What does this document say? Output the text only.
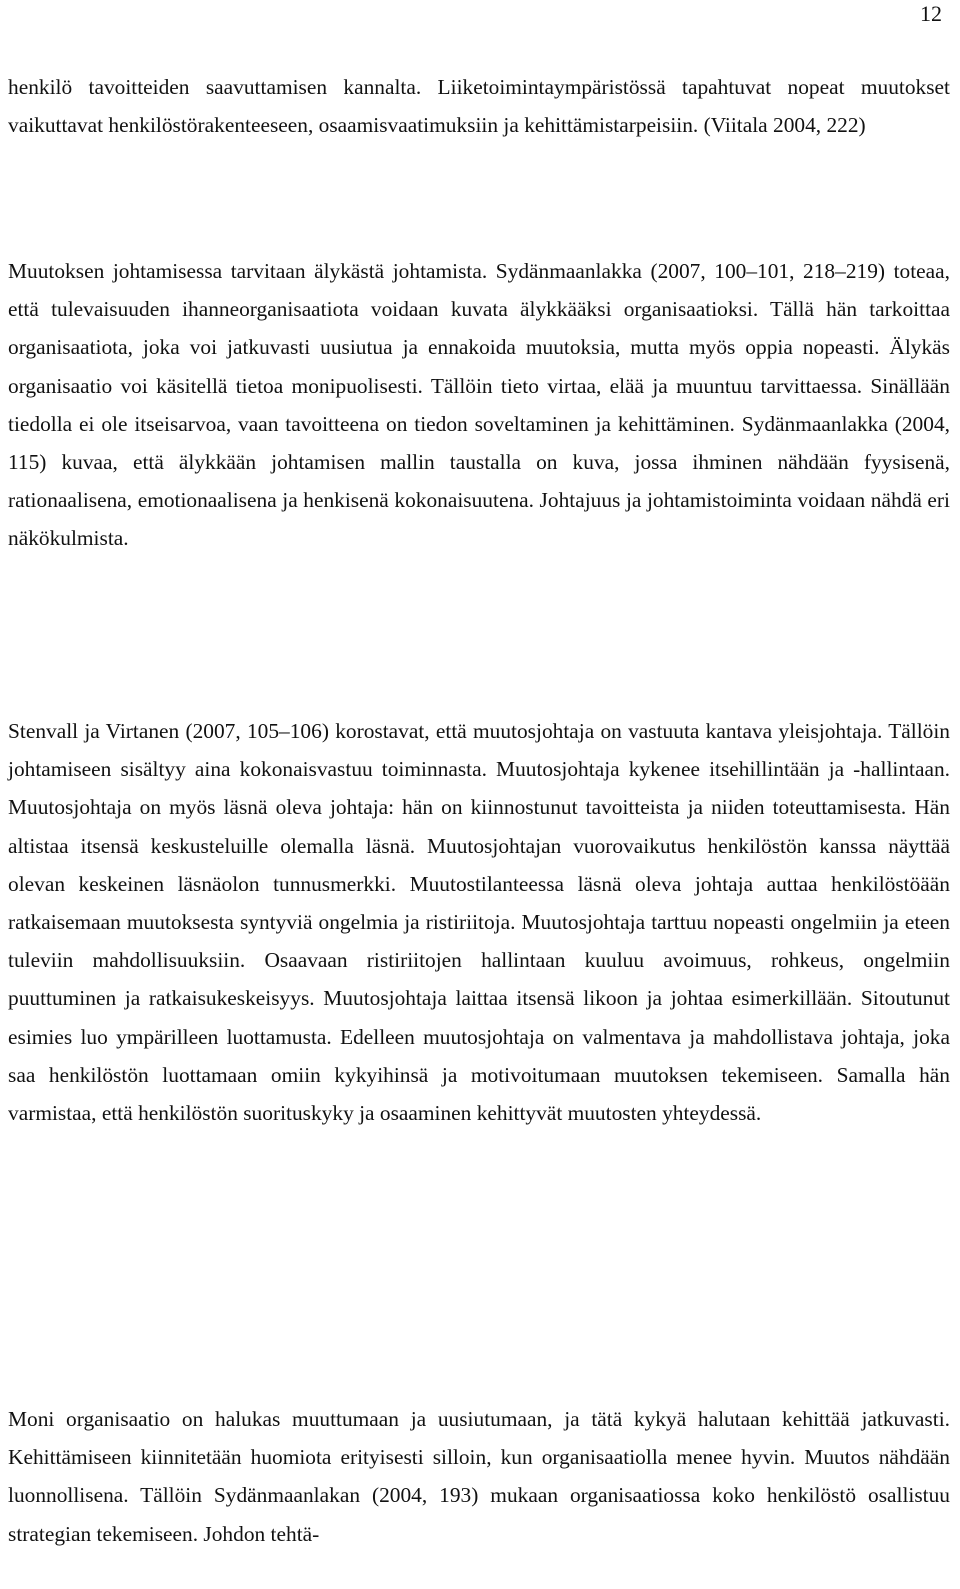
12

henkilö tavoitteiden saavuttamisen kannalta. Liiketoimintaympäristössä tapahtuvat nopeat muutokset vaikuttavat henkilöstörakenteeseen, osaamisvaatimuksiin ja kehittämistarpeisiin. (Viitala 2004, 222)

Muutoksen johtamisessa tarvitaan älykästä johtamista. Sydänmaanlakka (2007, 100–101, 218–219) toteaa, että tulevaisuuden ihanneorganisaatiota voidaan kuvata älykkääksi organisaatioksi. Tällä hän tarkoittaa organisaatiota, joka voi jatkuvasti uusiutua ja ennakoida muutoksia, mutta myös oppia nopeasti. Älykäs organisaatio voi käsitellä tietoa monipuolisesti. Tällöin tieto virtaa, elää ja muuntuu tarvittaessa. Sinällään tiedolla ei ole itseisarvoa, vaan tavoitteena on tiedon soveltaminen ja kehittäminen. Sydänmaanlakka (2004, 115) kuvaa, että älykkään johtamisen mallin taustalla on kuva, jossa ihminen nähdään fyysisenä, rationaalisena, emotionaalisena ja henkisenä kokonaisuutena. Johtajuus ja johtamistoiminta voidaan nähdä eri näkökulmista.

Stenvall ja Virtanen (2007, 105–106) korostavat, että muutosjohtaja on vastuuta kantava yleisjohtaja. Tällöin johtamiseen sisältyy aina kokonaisvastuu toiminnasta. Muutosjohtaja kykenee itsehillintään ja -hallintaan. Muutosjohtaja on myös läsnä oleva johtaja: hän on kiinnostunut tavoitteista ja niiden toteuttamisesta. Hän altistaa itsensä keskusteluille olemalla läsnä. Muutosjohtajan vuorovaikutus henkilöstön kanssa näyttää olevan keskeinen läsnäolon tunnusmerkki. Muutostilanteessa läsnä oleva johtaja auttaa henkilöstöään ratkaisemaan muutoksesta syntyviä ongelmia ja ristiriitoja. Muutosjohtaja tarttuu nopeasti ongelmiin ja eteen tuleviin mahdollisuuksiin. Osaavaan ristiriitojen hallintaan kuuluu avoimuus, rohkeus, ongelmiin puuttuminen ja ratkaisukeskeisyys. Muutosjohtaja laittaa itsensä likoon ja johtaa esimerkillään. Sitoutunut esimies luo ympärilleen luottamusta. Edelleen muutosjohtaja on valmentava ja mahdollistava johtaja, joka saa henkilöstön luottamaan omiin kykyihinsä ja motivoitumaan muutoksen tekemiseen. Samalla hän varmistaa, että henkilöstön suorituskyky ja osaaminen kehittyvät muutosten yhteydessä.

Moni organisaatio on halukas muuttumaan ja uusiutumaan, ja tätä kykyä halutaan kehittää jatkuvasti. Kehittämiseen kiinnitetään huomiota erityisesti silloin, kun organisaatiolla menee hyvin. Muutos nähdään luonnollisena. Tällöin Sydänmaanlakan (2004, 193) mukaan organisaatiossa koko henkilöstö osallistuu strategian tekemiseen. Johdon tehtä-
